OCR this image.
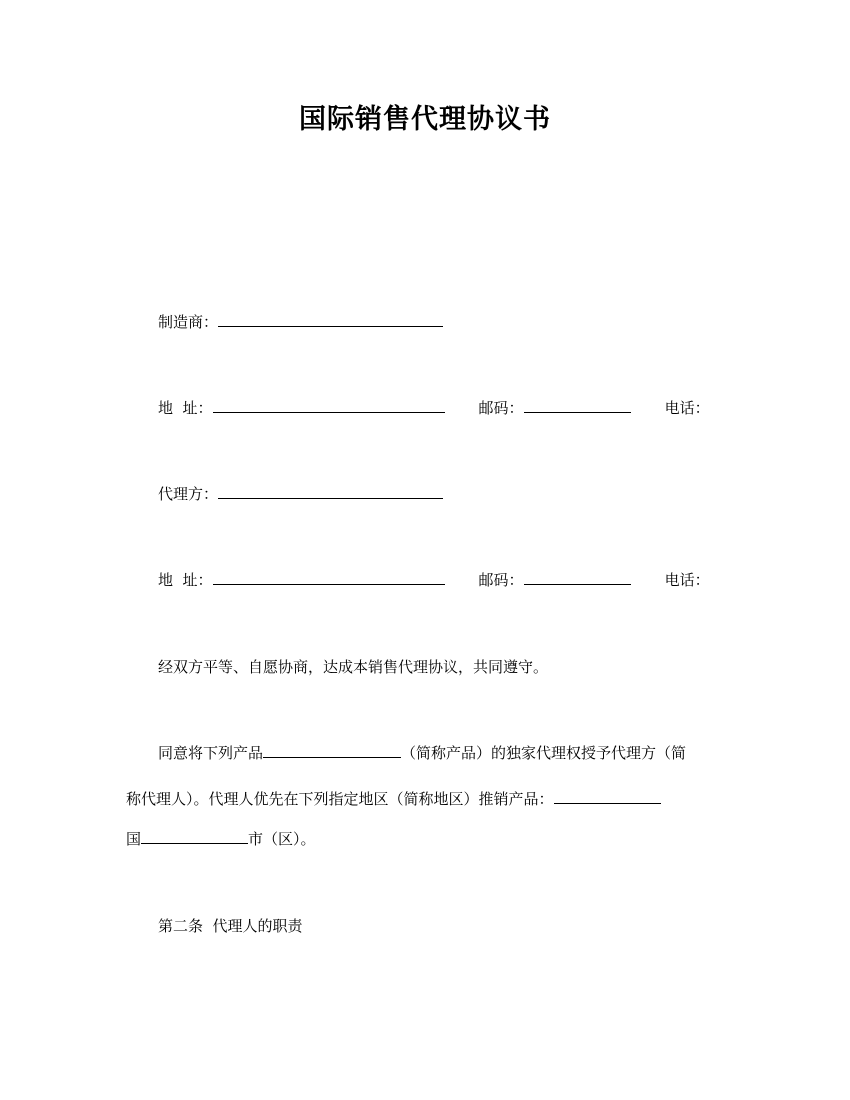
国际销售代理协议书
制造商：
地  址：	邮码：	电话：
代理方：
地  址：	邮码：	电话：
经双方平等、自愿协商，达成本销售代理协议，共同遵守。
同意将下列产品	（简称产品）的独家代理权授予代理方（简
称代理人）。代理人优先在下列指定地区（简称地区）推销产品：
国	市（区）。
第二条  代理人的职责
